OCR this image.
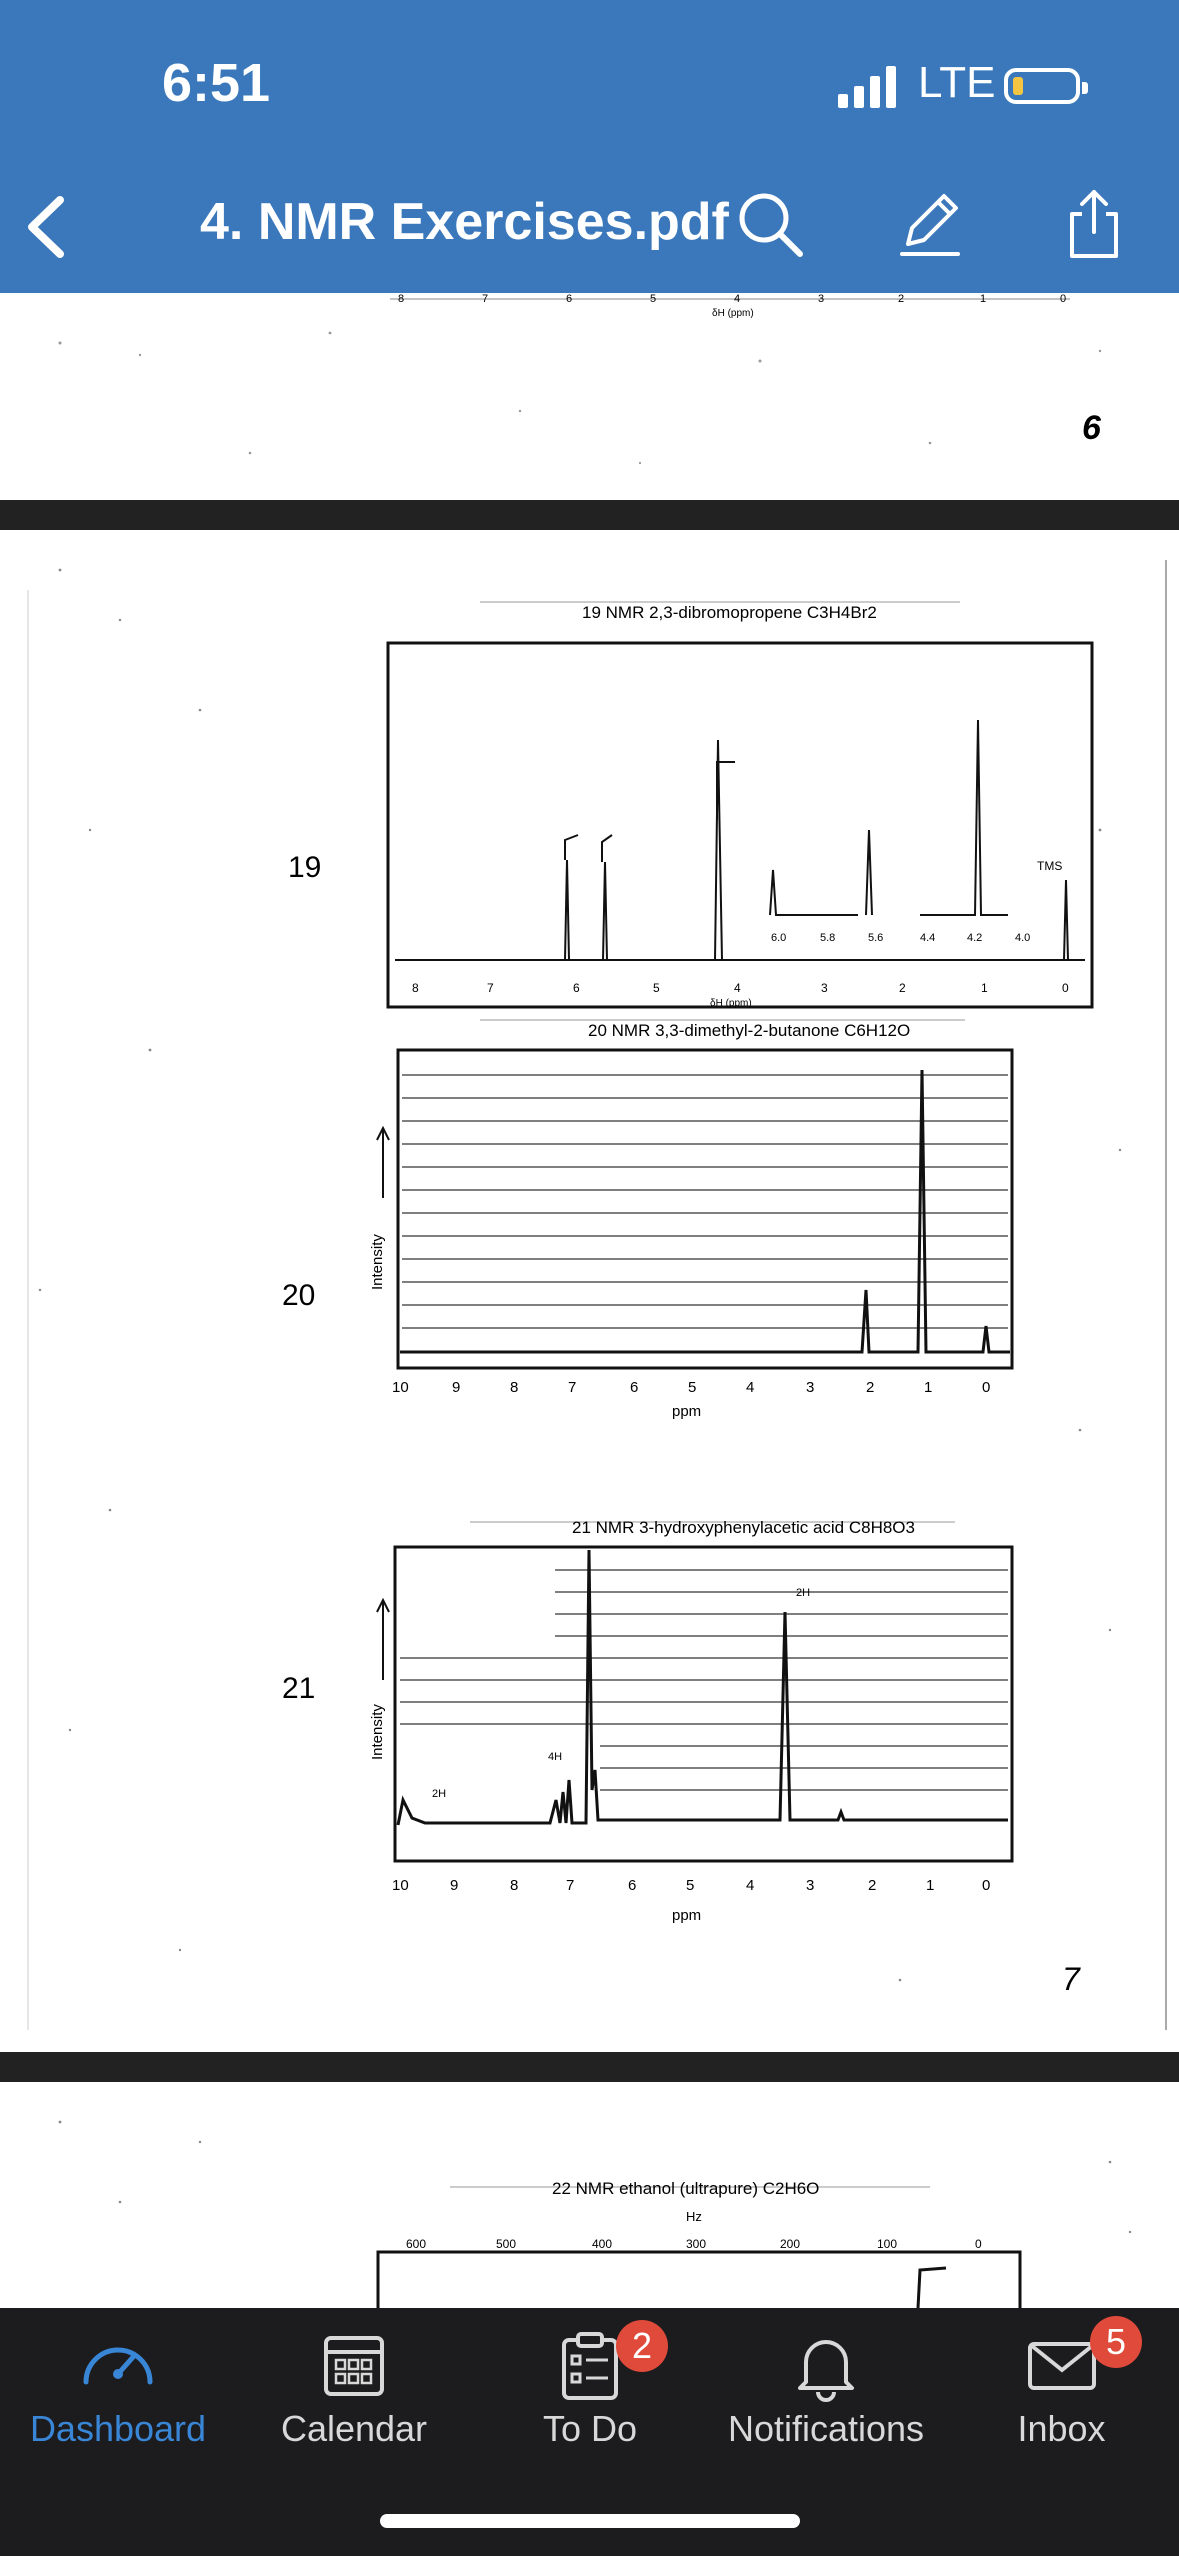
6:51	LTE
4. NMR Exercises.pdf
8	7	6	5	4
δH (ppm)
3	2	1	0
6
19 NMR 2,3-dibromopropene C3H4Br2
19	TMS
6.0	5.8	5.6	4.4	4.2	4.0
8	7	6	5	4	3	2	1	0
δH (ppm)
20 NMR 3,3-dimethyl-2-butanone C6H12O
20
Intensity
10	9	8	7	6	5	4	3	2	1	0
ppm
21 NMR 3-hydroxyphenylacetic acid C8H8O3
21
2H
4H
2H
Intensity
10	9	8	7	6	5	4	3	2	1	0
ppm
7
22 NMR ethanol (ultrapure) C2H6O
Hz
600	500	400	300	200	100	0
Dashboard	Calendar
2
To Do	Notifications
5
Inbox
